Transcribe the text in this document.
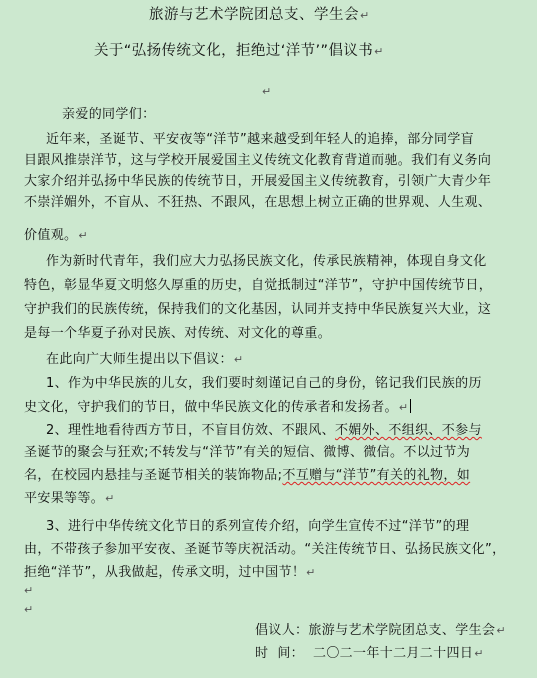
旅游与艺术学院团总支、学生会↵
关于“弘扬传统文化，拒绝过‘洋节’”倡议书↵
↵
亲爱的同学们：
近年来，圣诞节、平安夜等“洋节”越来越受到年轻人的追捧，部分同学盲
目跟风推崇洋节，这与学校开展爱国主义传统文化教育背道而驰。我们有义务向
大家介绍并弘扬中华民族的传统节日，开展爱国主义传统教育，引领广大青少年
不崇洋媚外，不盲从、不狂热、不跟风，在思想上树立正确的世界观、人生观、
价值观。↵
作为新时代青年，我们应大力弘扬民族文化，传承民族精神，体现自身文化
特色，彰显华夏文明悠久厚重的历史，自觉抵制过“洋节”，守护中国传统节日，
守护我们的民族传统，保持我们的文化基因，认同并支持中华民族复兴大业，这
是每一个华夏子孙对民族、对传统、对文化的尊重。
在此向广大师生提出以下倡议：↵
1、作为中华民族的儿女，我们要时刻谨记自己的身份，铭记我们民族的历
史文化，守护我们的节日，做中华民族文化的传承者和发扬者。↵
2、理性地看待西方节日，不盲目仿效、不跟风、不媚外、不组织、不参与
圣诞节的聚会与狂欢;不转发与“洋节”有关的短信、微博、微信。不以过节为
名，在校园内悬挂与圣诞节相关的装饰物品;不互赠与“洋节”有关的礼物，如
平安果等等。↵
3、进行中华传统文化节日的系列宣传介绍，向学生宣传不过“洋节”的理
由，不带孩子参加平安夜、圣诞节等庆祝活动。“关注传统节日、弘扬民族文化”，
拒绝“洋节”，从我做起，传承文明，过中国节！↵
↵
↵
倡议人：旅游与艺术学院团总支、学生会↵
时  间：  二〇二一年十二月二十四日↵
